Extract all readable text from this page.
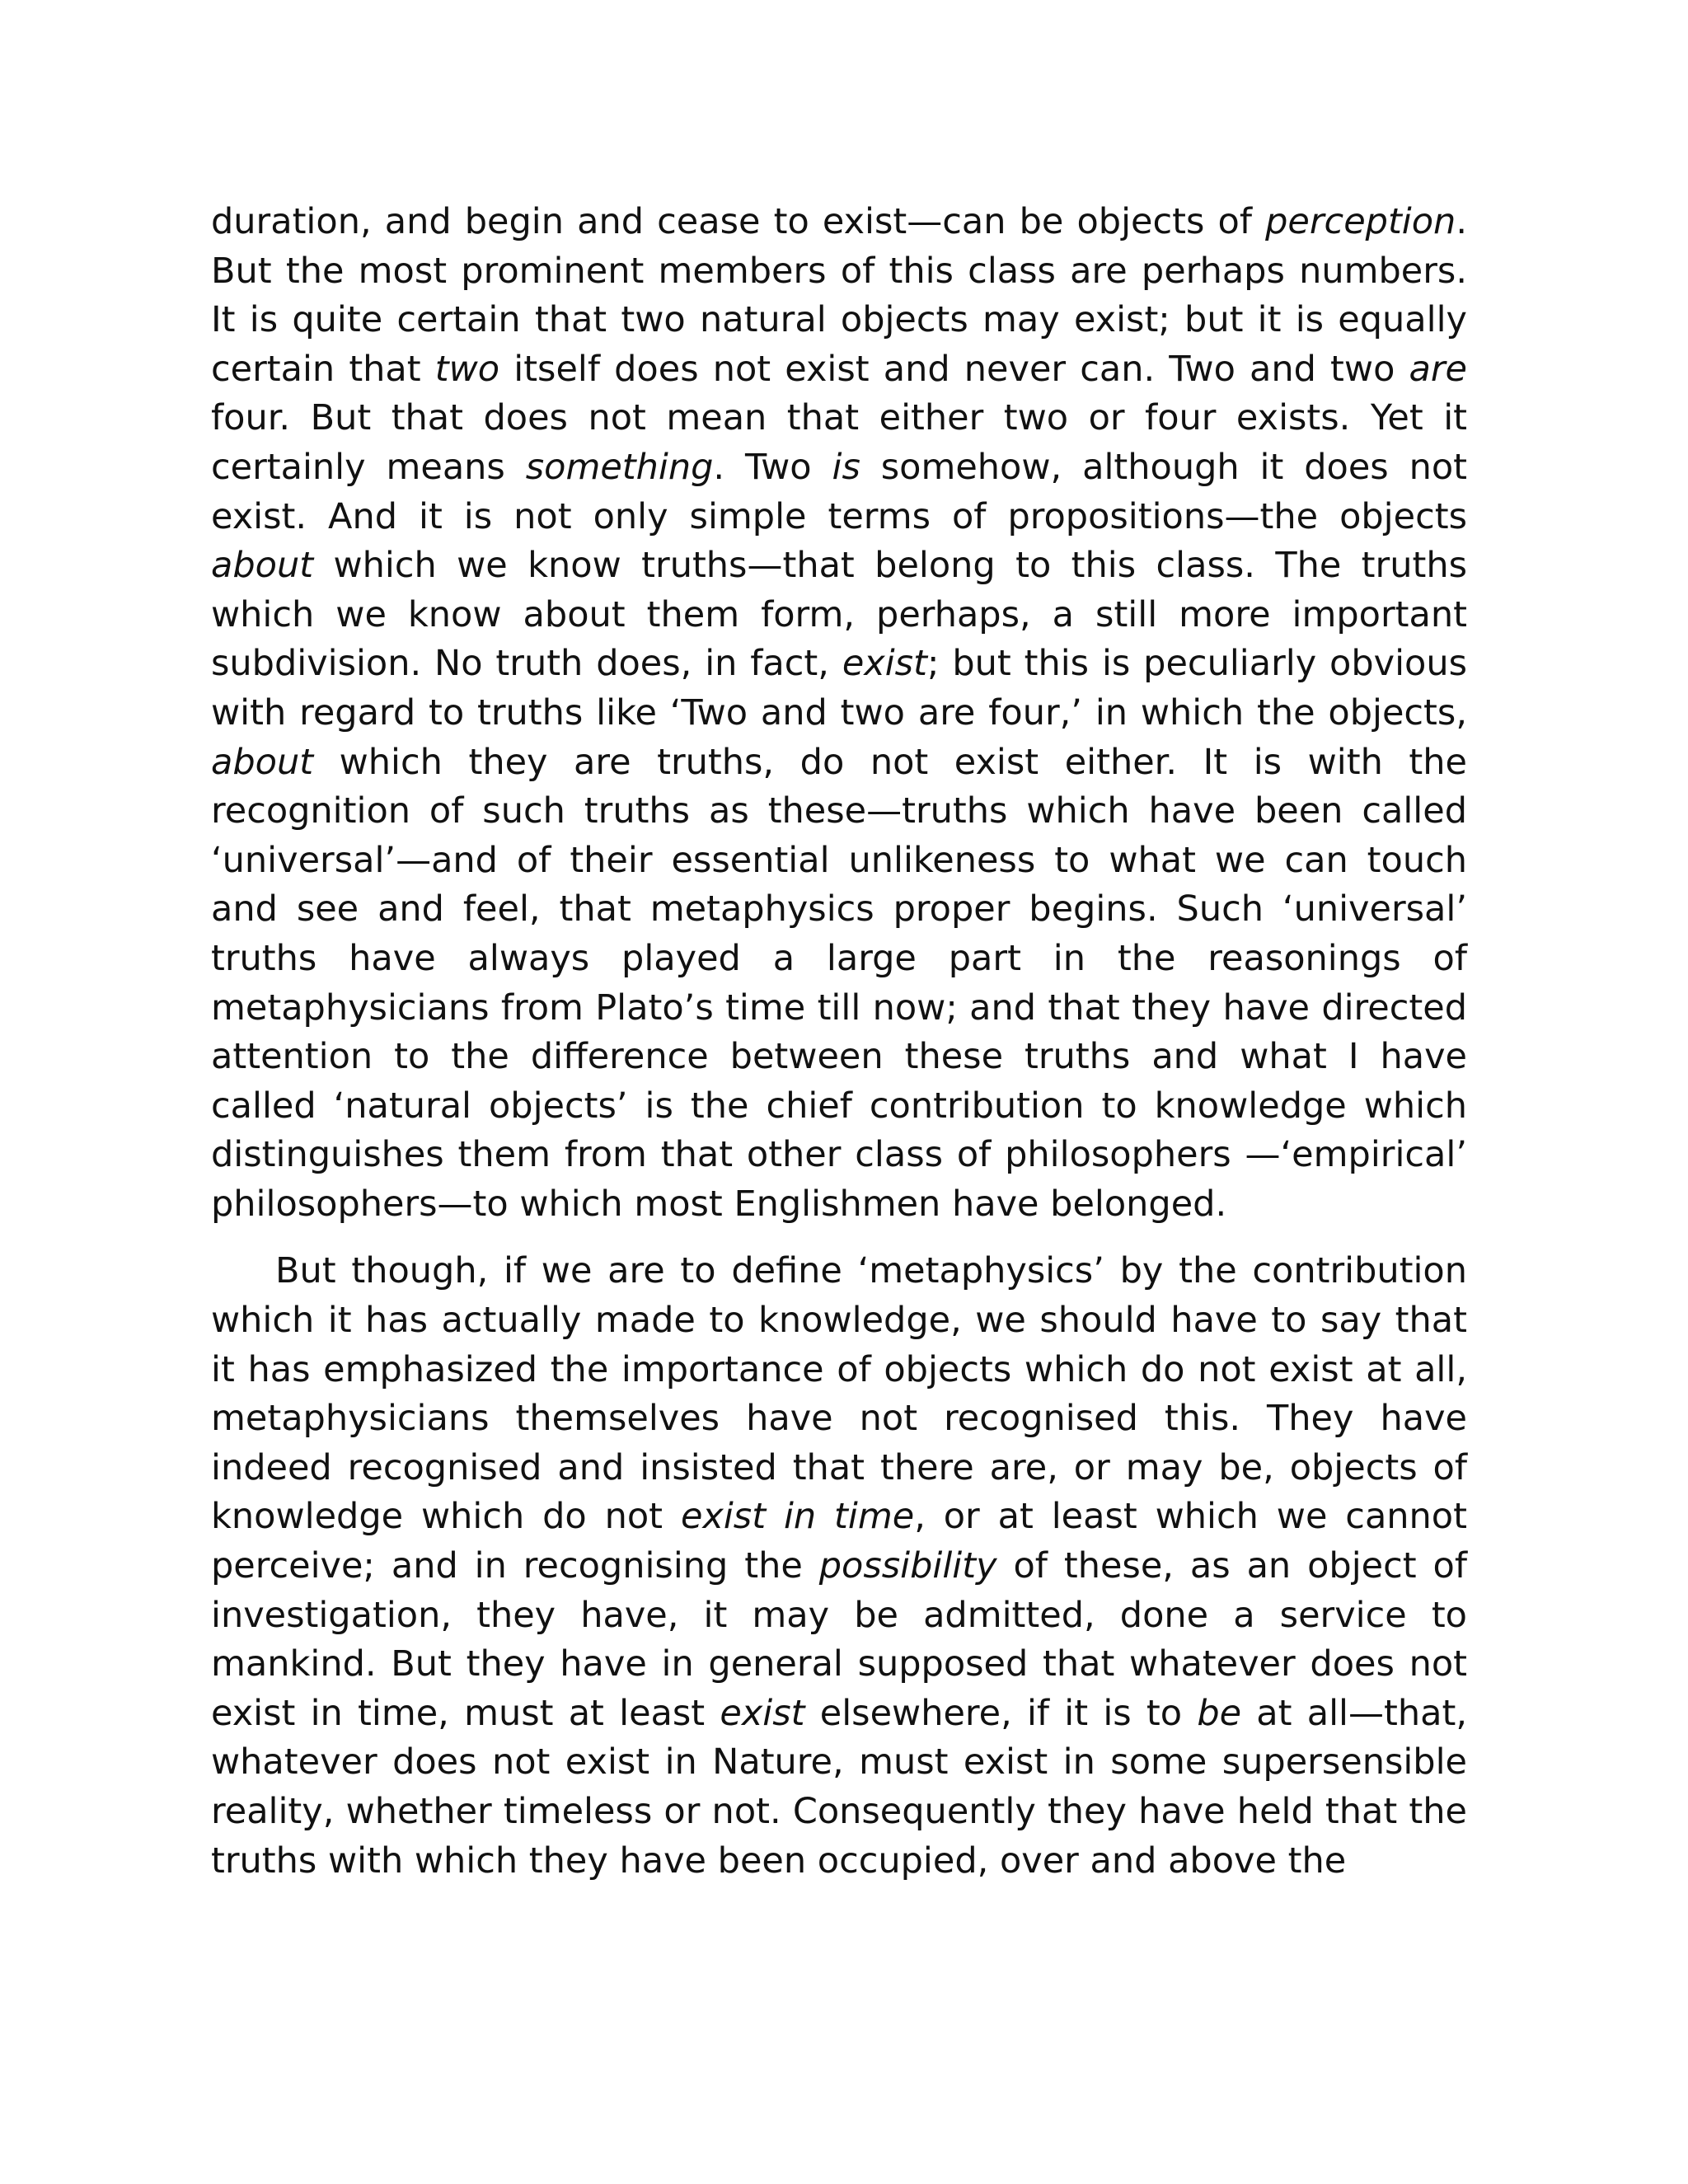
duration, and begin and cease to exist—can be objects of perception. But the most prominent members of this class are perhaps numbers. It is quite certain that two natural objects may exist; but it is equally certain that two itself does not exist and never can. Two and two are four. But that does not mean that either two or four exists. Yet it certainly means something. Two is somehow, although it does not exist. And it is not only simple terms of propositions—the objects about which we know truths—that belong to this class. The truths which we know about them form, perhaps, a still more important subdivision. No truth does, in fact, exist; but this is peculiarly obvious with regard to truths like ‘Two and two are four,’ in which the objects, about which they are truths, do not exist either. It is with the recognition of such truths as these—truths which have been called ‘universal’—and of their essential unlikeness to what we can touch and see and feel, that metaphysics proper begins. Such ‘universal’ truths have always played a large part in the reasonings of metaphysicians from Plato’s time till now; and that they have directed attention to the difference between these truths and what I have called ‘natural objects’ is the chief contribution to knowledge which distinguishes them from that other class of philosophers —‘empirical’ philosophers—to which most Englishmen have belonged.

But though, if we are to define ‘metaphysics’ by the contribution which it has actually made to knowledge, we should have to say that it has emphasized the importance of objects which do not exist at all, metaphysicians themselves have not recognised this. They have indeed recognised and insisted that there are, or may be, objects of knowledge which do not exist in time, or at least which we cannot perceive; and in recognising the possibility of these, as an object of investigation, they have, it may be admitted, done a service to mankind. But they have in general supposed that whatever does not exist in time, must at least exist elsewhere, if it is to be at all—that, whatever does not exist in Nature, must exist in some supersensible reality, whether timeless or not. Consequently they have held that the truths with which they have been occupied, over and above the
